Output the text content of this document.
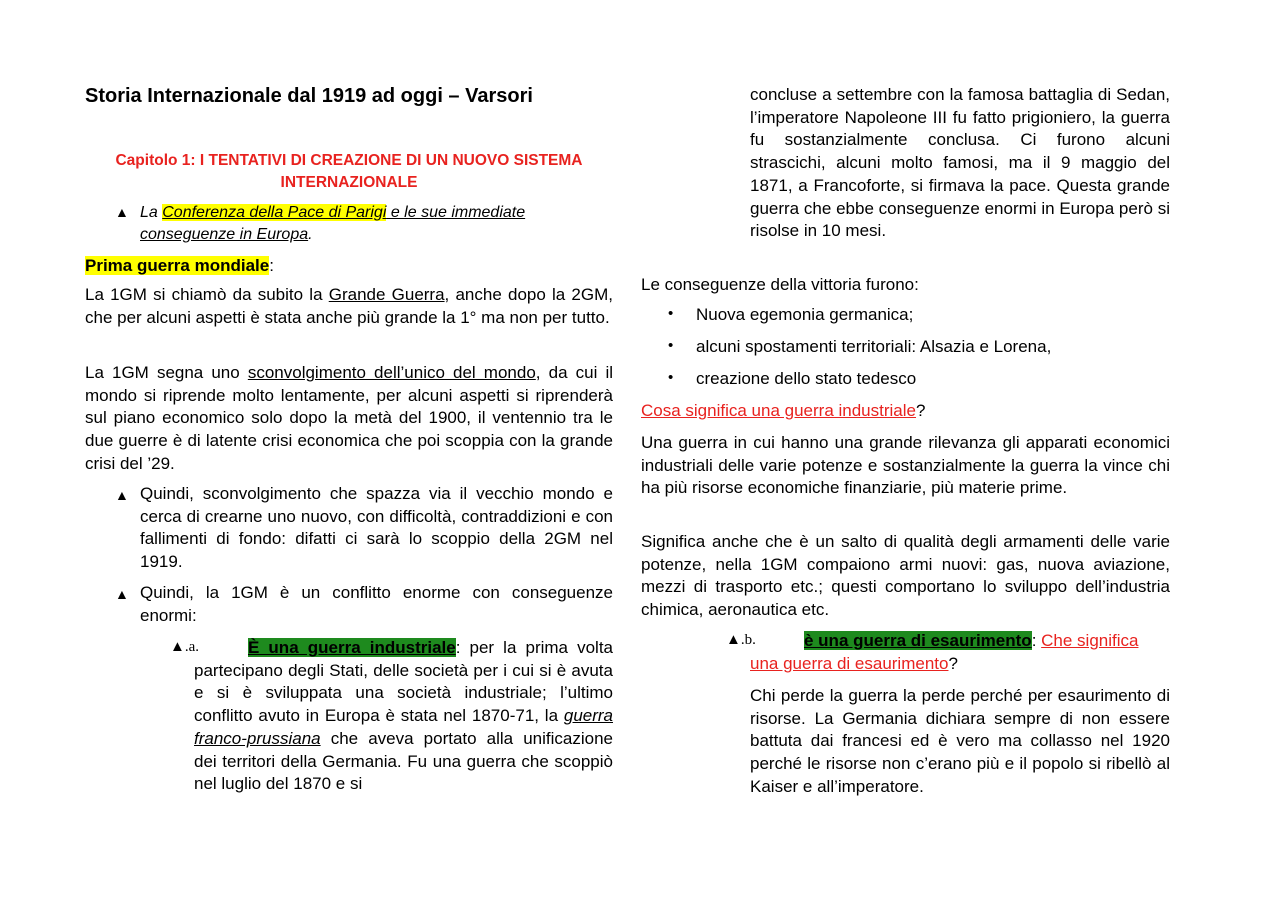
Storia Internazionale dal 1919 ad oggi – Varsori
Capitolo 1: I TENTATIVI DI CREAZIONE DI UN NUOVO SISTEMA
INTERNAZIONALE
▲ La Conferenza della Pace di Parigi e le sue immediate
conseguenze in Europa.
Prima guerra mondiale:

La 1GM si chiamò da subito la Grande Guerra, anche dopo la 2GM, che per alcuni aspetti è stata anche più grande la 1° ma non per tutto.

La 1GM segna uno sconvolgimento dell’unico del mondo, da cui il mondo si riprende molto lentamente, per alcuni aspetti si riprenderà sul piano economico solo dopo la metà del 1900, il ventennio tra le due guerre è di latente crisi economica che poi scoppia con la grande crisi del ’29.

▲ Quindi, sconvolgimento che spazza via il vecchio mondo e cerca di crearne uno nuovo, con difficoltà, contraddizioni e con fallimenti di fondo: difatti ci sarà lo scoppio della 2GM nel 1919.

▲ Quindi, la 1GM è un conflitto enorme con conseguenze enormi:

▲.a.	È una guerra industriale: per la prima volta partecipano degli Stati, delle società per i cui si è avuta e si è sviluppata una società industriale; l’ultimo conflitto avuto in Europa è stata nel 1870-71, la guerra franco-prussiana che aveva portato alla unificazione dei territori della Germania. Fu una guerra che scoppiò nel luglio del 1870 e si

concluse a settembre con la famosa battaglia di Sedan, l’imperatore Napoleone III fu fatto prigioniero, la guerra fu sostanzialmente conclusa. Ci furono alcuni strascichi, alcuni molto famosi, ma il 9 maggio del 1871, a Francoforte, si firmava la pace. Questa grande guerra che ebbe conseguenze enormi in Europa però si risolse in 10 mesi.

Le conseguenze della vittoria furono:

• Nuova egemonia germanica;

• alcuni spostamenti territoriali: Alsazia e Lorena,

• creazione dello stato tedesco

Cosa significa una guerra industriale?

Una guerra in cui hanno una grande rilevanza gli apparati economici industriali delle varie potenze e sostanzialmente la guerra la vince chi ha più risorse economiche finanziarie, più materie prime.

Significa anche che è un salto di qualità degli armamenti delle varie potenze, nella 1GM compaiono armi nuovi: gas, nuova aviazione, mezzi di trasporto etc.; questi comportano lo sviluppo dell’industria chimica, aeronautica etc.

▲.b.	è una guerra di esaurimento: Che significa
una guerra di esaurimento?

Chi perde la guerra la perde perché per esaurimento di risorse. La Germania dichiara sempre di non essere battuta dai francesi ed è vero ma collasso nel 1920 perché le risorse non c’erano più e il popolo si ribellò al Kaiser e all’imperatore.
